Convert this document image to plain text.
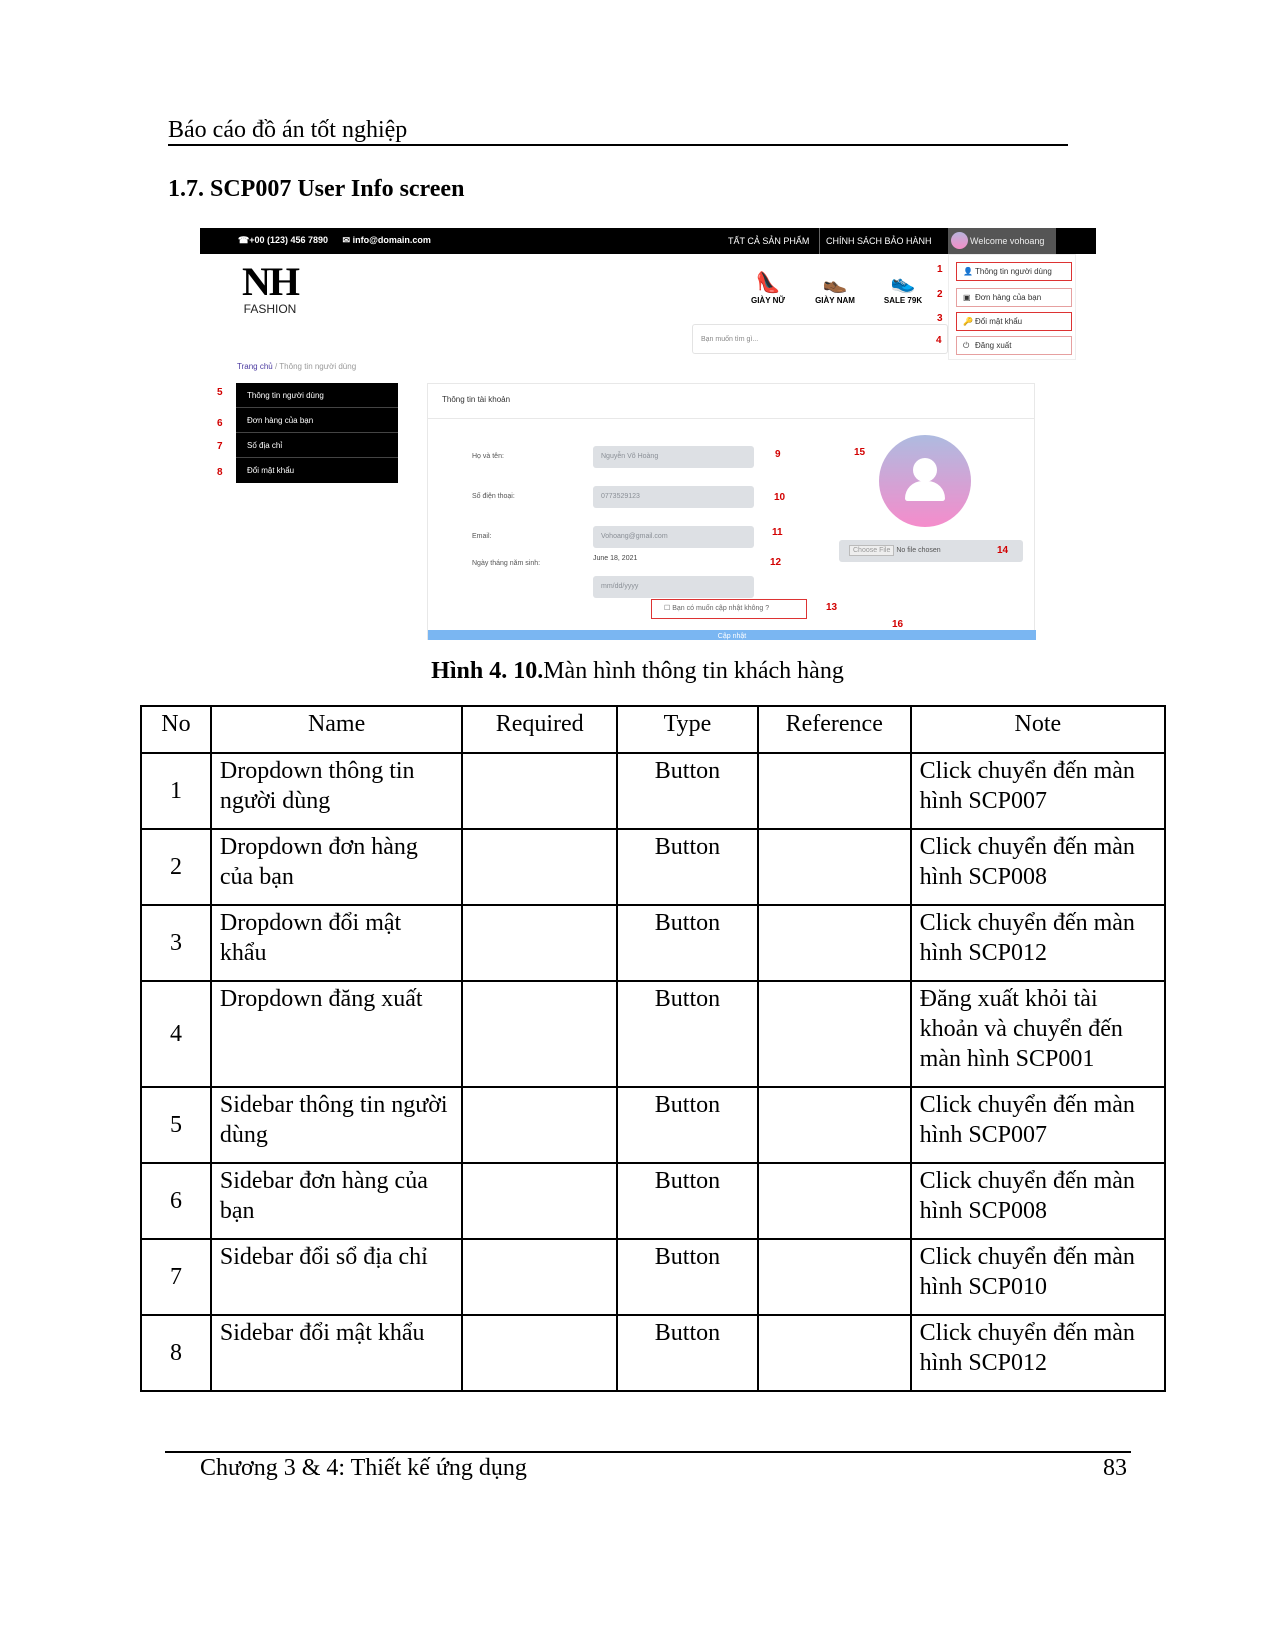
Báo cáo đồ án tốt nghiệp
1.7. SCP007 User Info screen
☎+00 (123) 456 7890 ✉ info@domain.com	TẤT CẢ SẢN PHẨM	CHÍNH SÁCH BẢO HÀNH	Welcome vohoang
NH
FASHION
👠
GIÀY NỮ
👞
GIÀY NAM
👟
SALE 79K
Bạn muốn tìm gì...
👤 Thông tin người dùng
▣ Đơn hàng của bạn
🔑 Đổi mật khẩu
⏻ Đăng xuất
1
2
3
4
Trang chủ / Thông tin người dùng
Thông tin người dùng
Đơn hàng của bạn
Số địa chỉ
Đổi mật khẩu
5
6
7
8
Thông tin tài khoản
Họ và tên:	Nguyễn Võ Hoàng
Số điện thoại:	0773529123
Email:	Vohoang@gmail.com
Ngày tháng năm sinh:
June 18, 2021
mm/dd/yyyy
☐ Bạn có muốn cập nhật không ?
Choose File No file chosen
Cập nhật
9
10
11
12
13
14
15
16
Hình 4. 10.Màn hình thông tin khách hàng
No	Name	Required	Type	Reference	Note
1	Dropdown thông tin người dùng		Button		Click chuyển đến màn hình SCP007
2	Dropdown đơn hàng của bạn		Button		Click chuyển đến màn hình SCP008
3	Dropdown đổi mật khẩu		Button		Click chuyển đến màn hình SCP012
4	Dropdown đăng xuất		Button		Đăng xuất khỏi tài khoản và chuyển đến màn hình SCP001
5	Sidebar thông tin người dùng		Button		Click chuyển đến màn hình SCP007
6	Sidebar đơn hàng của bạn		Button		Click chuyển đến màn hình SCP008
7	Sidebar đổi sổ địa chỉ		Button		Click chuyển đến màn hình SCP010
8	Sidebar đổi mật khẩu		Button		Click chuyển đến màn hình SCP012
Chương 3 & 4: Thiết kế ứng dụng	83
